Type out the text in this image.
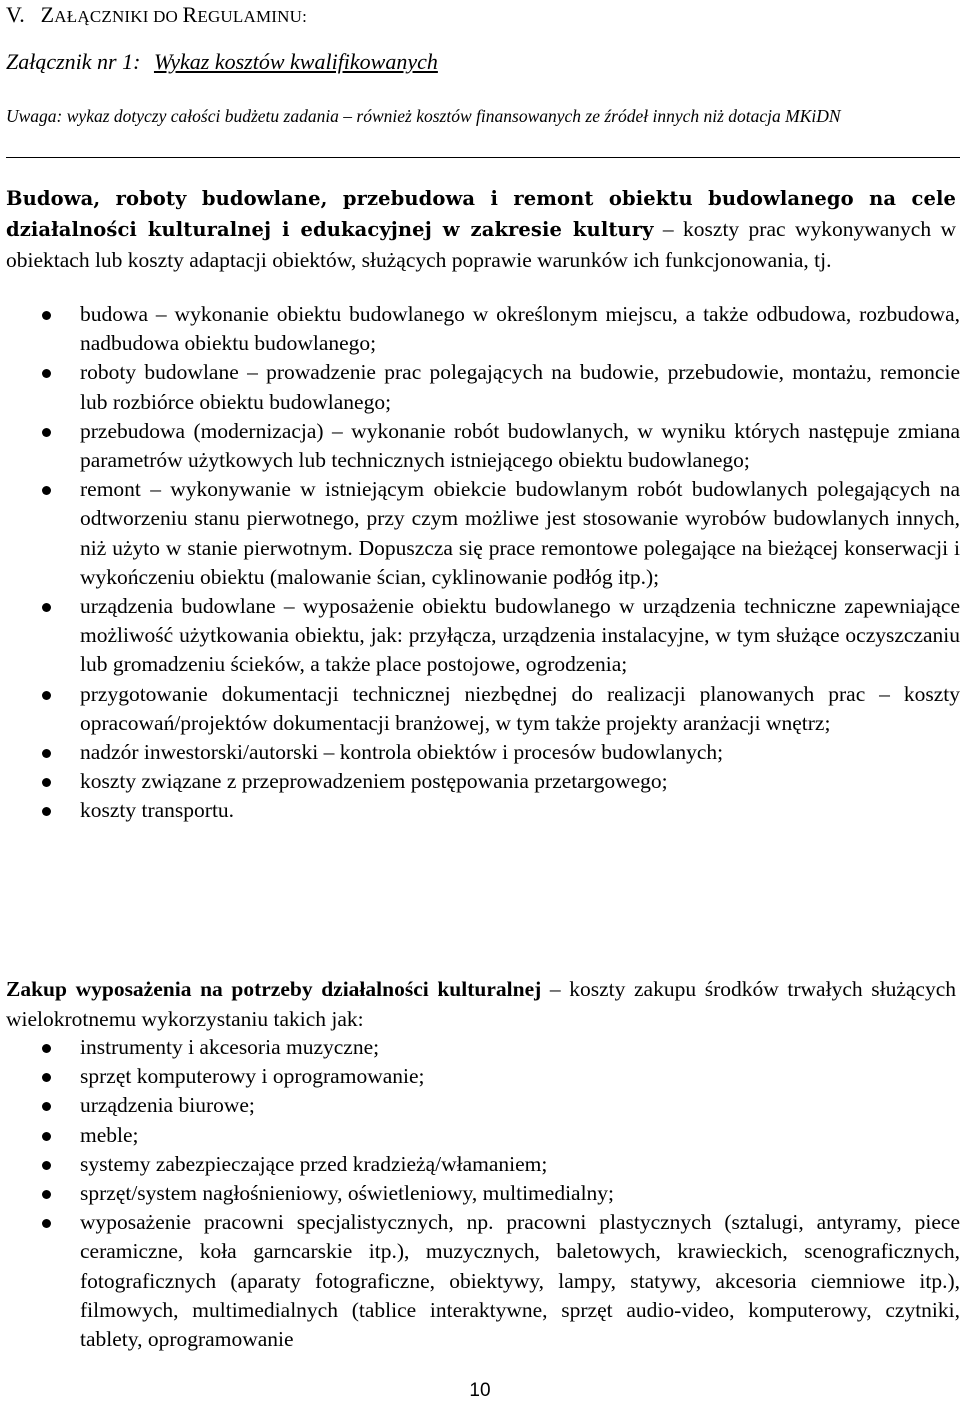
V. ZAŁĄCZNIKI DO REGULAMINU:
Załącznik nr 1: Wykaz kosztów kwalifikowanych
Uwaga: wykaz dotyczy całości budżetu zadania – również kosztów finansowanych ze źródeł innych niż dotacja MKiDN
Budowa, roboty budowlane, przebudowa i remont obiektu budowlanego na cele działalności kulturalnej i edukacyjnej w zakresie kultury – koszty prac wykonywanych w obiektach lub koszty adaptacji obiektów, służących poprawie warunków ich funkcjonowania, tj.
budowa – wykonanie obiektu budowlanego w określonym miejscu, a także odbudowa, rozbudowa, nadbudowa obiektu budowlanego;
roboty budowlane – prowadzenie prac polegających na budowie, przebudowie, montażu, remoncie lub rozbiórce obiektu budowlanego;
przebudowa (modernizacja) – wykonanie robót budowlanych, w wyniku których następuje zmiana parametrów użytkowych lub technicznych istniejącego obiektu budowlanego;
remont – wykonywanie w istniejącym obiekcie budowlanym robót budowlanych polegających na odtworzeniu stanu pierwotnego, przy czym możliwe jest stosowanie wyrobów budowlanych innych, niż użyto w stanie pierwotnym. Dopuszcza się prace remontowe polegające na bieżącej konserwacji i wykończeniu obiektu (malowanie ścian, cyklinowanie podłóg itp.);
urządzenia budowlane – wyposażenie obiektu budowlanego w urządzenia techniczne zapewniające możliwość użytkowania obiektu, jak: przyłącza, urządzenia instalacyjne, w tym służące oczyszczaniu lub gromadzeniu ścieków, a także place postojowe, ogrodzenia;
przygotowanie dokumentacji technicznej niezbędnej do realizacji planowanych prac – koszty opracowań/projektów dokumentacji branżowej, w tym także projekty aranżacji wnętrz;
nadzór inwestorski/autorski – kontrola obiektów i procesów budowlanych;
koszty związane z przeprowadzeniem postępowania przetargowego;
koszty transportu.
Zakup wyposażenia na potrzeby działalności kulturalnej – koszty zakupu środków trwałych służących wielokrotnemu wykorzystaniu takich jak:
instrumenty i akcesoria muzyczne;
sprzęt komputerowy i oprogramowanie;
urządzenia biurowe;
meble;
systemy zabezpieczające przed kradzieżą/włamaniem;
sprzęt/system nagłośnieniowy, oświetleniowy, multimedialny;
wyposażenie pracowni specjalistycznych, np. pracowni plastycznych (sztalugi, antyramy, piece ceramiczne, koła garncarskie itp.), muzycznych, baletowych, krawieckich, scenograficznych, fotograficznych (aparaty fotograficzne, obiektywy, lampy, statywy, akcesoria ciemniowe itp.), filmowych, multimedialnych (tablice interaktywne, sprzęt audio-video, komputerowy, czytniki, tablety, oprogramowanie
10
